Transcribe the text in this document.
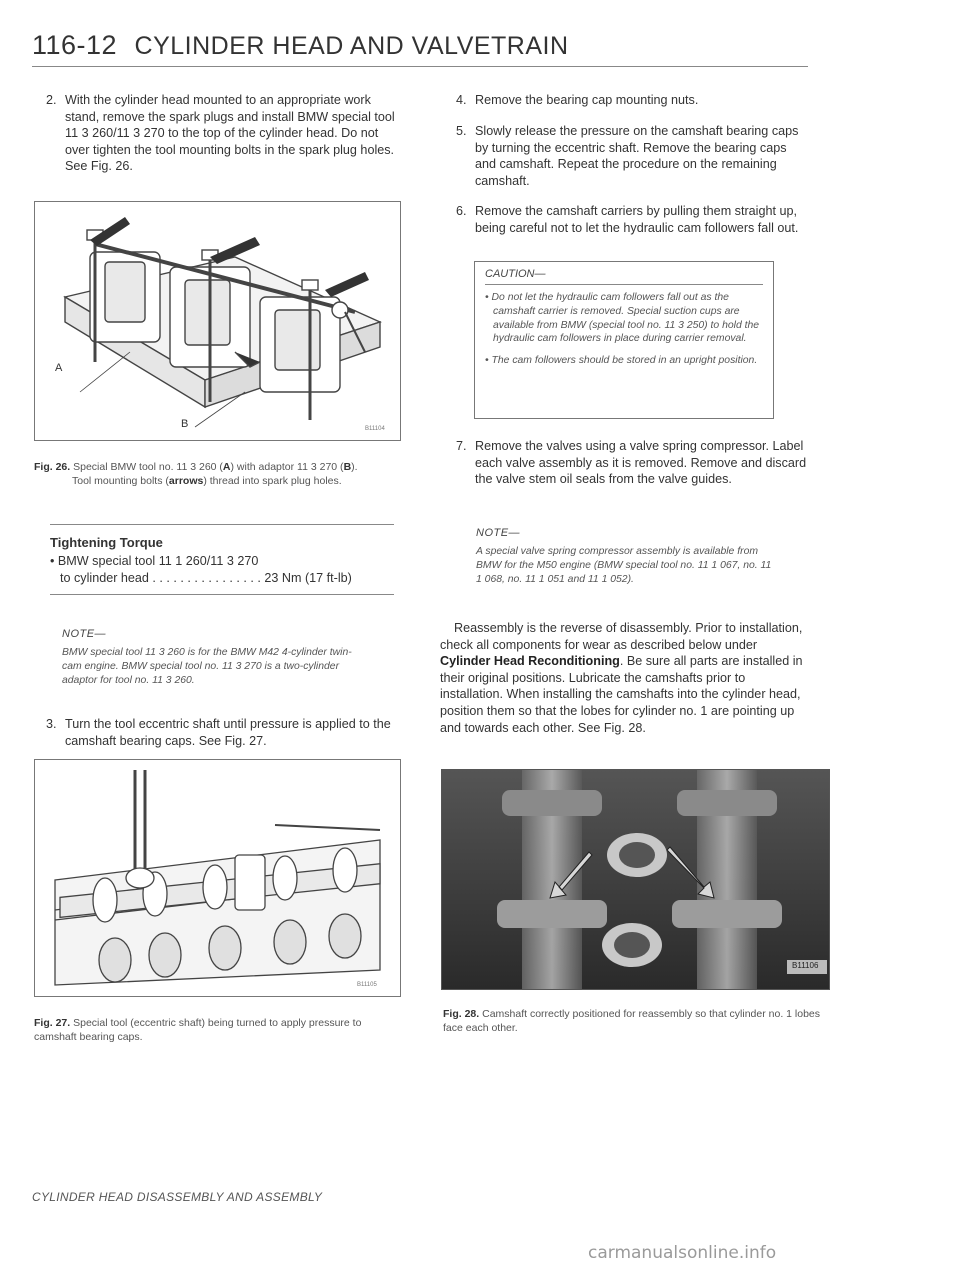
116-12 CYLINDER HEAD AND VALVETRAIN
2. With the cylinder head mounted to an appropriate work stand, remove the spark plugs and install BMW special tool 11 3 260/11 3 270 to the top of the cylinder head. Do not over tighten the tool mounting bolts in the spark plug holes. See Fig. 26.
A
B	B11104
Fig. 26. Special BMW tool no. 11 3 260 (A) with adaptor 11 3 270 (B).
Tool mounting bolts (arrows) thread into spark plug holes.
Tightening Torque
• BMW special tool 11 1 260/11 3 270
to cylinder head . . . . . . . . . . . . . . . . 23 Nm (17 ft-lb)
NOTE—
BMW special tool 11 3 260 is for the BMW M42 4-cylinder twin-cam engine. BMW special tool no. 11 3 270 is a two-cylinder adaptor for tool no. 11 3 260.
3. Turn the tool eccentric shaft until pressure is applied to the camshaft bearing caps. See Fig. 27.
B11105
Fig. 27. Special tool (eccentric shaft) being turned to apply pressure to camshaft bearing caps.
4. Remove the bearing cap mounting nuts.
5. Slowly release the pressure on the camshaft bearing caps by turning the eccentric shaft. Remove the bearing caps and camshaft. Repeat the procedure on the remaining camshaft.
6. Remove the camshaft carriers by pulling them straight up, being careful not to let the hydraulic cam followers fall out.
CAUTION—
• Do not let the hydraulic cam followers fall out as the camshaft carrier is removed. Special suction cups are available from BMW (special tool no. 11 3 250) to hold the hydraulic cam followers in place during carrier removal.
• The cam followers should be stored in an upright position.
7. Remove the valves using a valve spring compressor. Label each valve assembly as it is removed. Remove and discard the valve stem oil seals from the valve guides.
NOTE—
A special valve spring compressor assembly is available from BMW for the M50 engine (BMW special tool no. 11 1 067, no. 11 1 068, no. 11 1 051 and 11 1 052).
Reassembly is the reverse of disassembly. Prior to installation, check all components for wear as described below under Cylinder Head Reconditioning. Be sure all parts are installed in their original positions. Lubricate the camshafts prior to installation. When installing the camshafts into the cylinder head, position them so that the lobes for cylinder no. 1 are pointing up and towards each other. See Fig. 28.
B11106
Fig. 28. Camshaft correctly positioned for reassembly so that cylinder no. 1 lobes face each other.
CYLINDER HEAD DISASSEMBLY AND ASSEMBLY
carmanualsonline.info
